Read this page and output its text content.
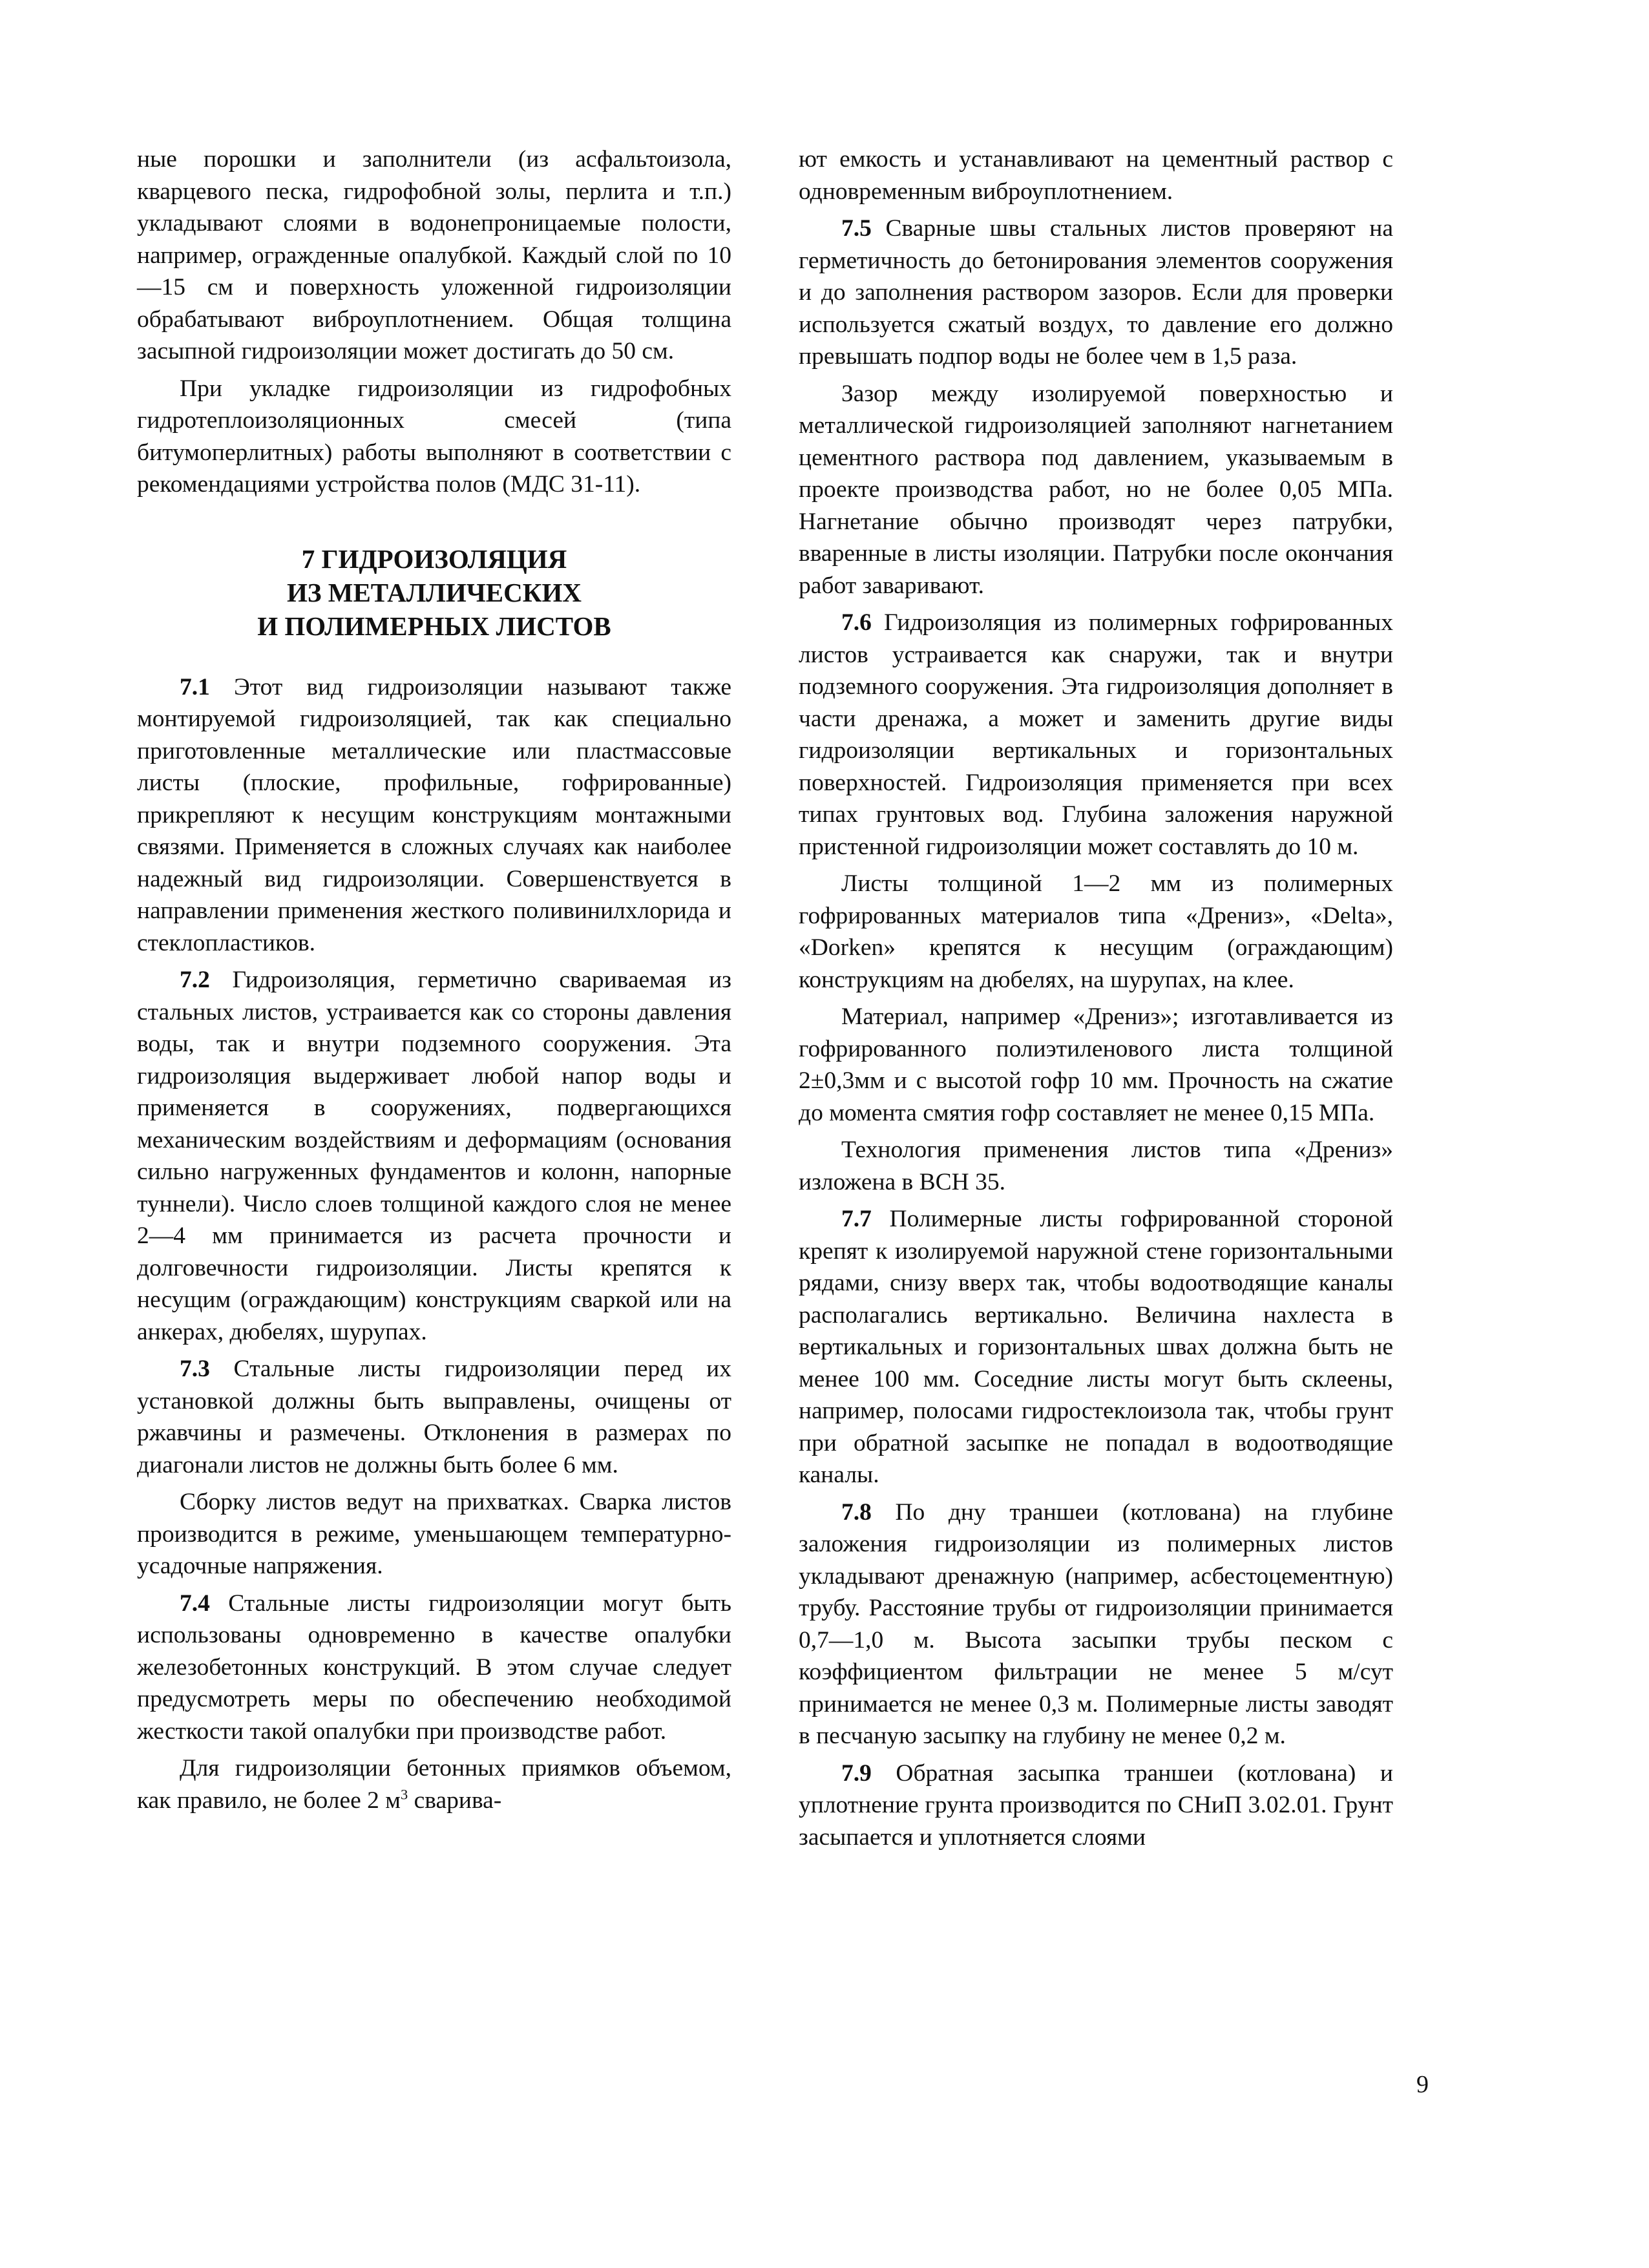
ные порошки и заполнители (из асфальтоизола, кварцевого песка, гидрофобной золы, перлита и т.п.) укладывают слоями в водонепроницаемые полости, например, огражденные опалубкой. Каждый слой по 10—15 см и поверхность уложенной гидроизоляции обрабатывают виброуплотнением. Общая толщина засыпной гидроизоляции может достигать до 50 см.

При укладке гидроизоляции из гидрофобных гидротеплоизоляционных смесей (типа битумоперлитных) работы выполняют в соответствии с рекомендациями устройства полов (МДС 31-11).

7 ГИДРОИЗОЛЯЦИЯ
ИЗ МЕТАЛЛИЧЕСКИХ
И ПОЛИМЕРНЫХ ЛИСТОВ

7.1 Этот вид гидроизоляции называют также монтируемой гидроизоляцией, так как специально приготовленные металлические или пластмассовые листы (плоские, профильные, гофрированные) прикрепляют к несущим конструкциям монтажными связями. Применяется в сложных случаях как наиболее надежный вид гидроизоляции. Совершенствуется в направлении применения жесткого поливинилхлорида и стеклопластиков.

7.2 Гидроизоляция, герметично свариваемая из стальных листов, устраивается как со стороны давления воды, так и внутри подземного сооружения. Эта гидроизоляция выдерживает любой напор воды и применяется в сооружениях, подвергающихся механическим воздействиям и деформациям (основания сильно нагруженных фундаментов и колонн, напорные туннели). Число слоев толщиной каждого слоя не менее 2—4 мм принимается из расчета прочности и долговечности гидроизоляции. Листы крепятся к несущим (ограждающим) конструкциям сваркой или на анкерах, дюбелях, шурупах.

7.3 Стальные листы гидроизоляции перед их установкой должны быть выправлены, очищены от ржавчины и размечены. Отклонения в размерах по диагонали листов не должны быть более 6 мм.

Сборку листов ведут на прихватках. Сварка листов производится в режиме, уменьшающем температурно-усадочные напряжения.

7.4 Стальные листы гидроизоляции могут быть использованы одновременно в качестве опалубки железобетонных конструкций. В этом случае следует предусмотреть меры по обеспечению необходимой жесткости такой опалубки при производстве работ.

Для гидроизоляции бетонных приямков объемом, как правило, не более 2 $м^3$ сварива-

ют емкость и устанавливают на цементный раствор с одновременным виброуплотнением.

7.5 Сварные швы стальных листов проверяют на герметичность до бетонирования элементов сооружения и до заполнения раствором зазоров. Если для проверки используется сжатый воздух, то давление его должно превышать подпор воды не более чем в 1,5 раза.

Зазор между изолируемой поверхностью и металлической гидроизоляцией заполняют нагнетанием цементного раствора под давлением, указываемым в проекте производства работ, но не более 0,05 МПа. Нагнетание обычно производят через патрубки, вваренные в листы изоляции. Патрубки после окончания работ заваривают.

7.6 Гидроизоляция из полимерных гофрированных листов устраивается как снаружи, так и внутри подземного сооружения. Эта гидроизоляция дополняет в части дренажа, а может и заменить другие виды гидроизоляции вертикальных и горизонтальных поверхностей. Гидроизоляция применяется при всех типах грунтовых вод. Глубина заложения наружной пристенной гидроизоляции может составлять до 10 м.

Листы толщиной 1—2 мм из полимерных гофрированных материалов типа «Дрениз», «Delta», «Dorken» крепятся к несущим (ограждающим) конструкциям на дюбелях, на шурупах, на клее.

Материал, например «Дрениз»; изготавливается из гофрированного полиэтиленового листа толщиной 2±0,3мм и с высотой гофр 10 мм. Прочность на сжатие до момента смятия гофр составляет не менее 0,15 МПа.

Технология применения листов типа «Дрениз» изложена в ВСН 35.

7.7 Полимерные листы гофрированной стороной крепят к изолируемой наружной стене горизонтальными рядами, снизу вверх так, чтобы водоотводящие каналы располагались вертикально. Величина нахлеста в вертикальных и горизонтальных швах должна быть не менее 100 мм. Соседние листы могут быть склеены, например, полосами гидростеклоизола так, чтобы грунт при обратной засыпке не попадал в водоотводящие каналы.

7.8 По дну траншеи (котлована) на глубине заложения гидроизоляции из полимерных листов укладывают дренажную (например, асбестоцементную) трубу. Расстояние трубы от гидроизоляции принимается 0,7—1,0 м. Высота засыпки трубы песком с коэффициентом фильтрации не менее 5 м/сут принимается не менее 0,3 м. Полимерные листы заводят в песчаную засыпку на глубину не менее 0,2 м.

7.9 Обратная засыпка траншеи (котлована) и уплотнение грунта производится по СНиП 3.02.01. Грунт засыпается и уплотняется слоями

9
